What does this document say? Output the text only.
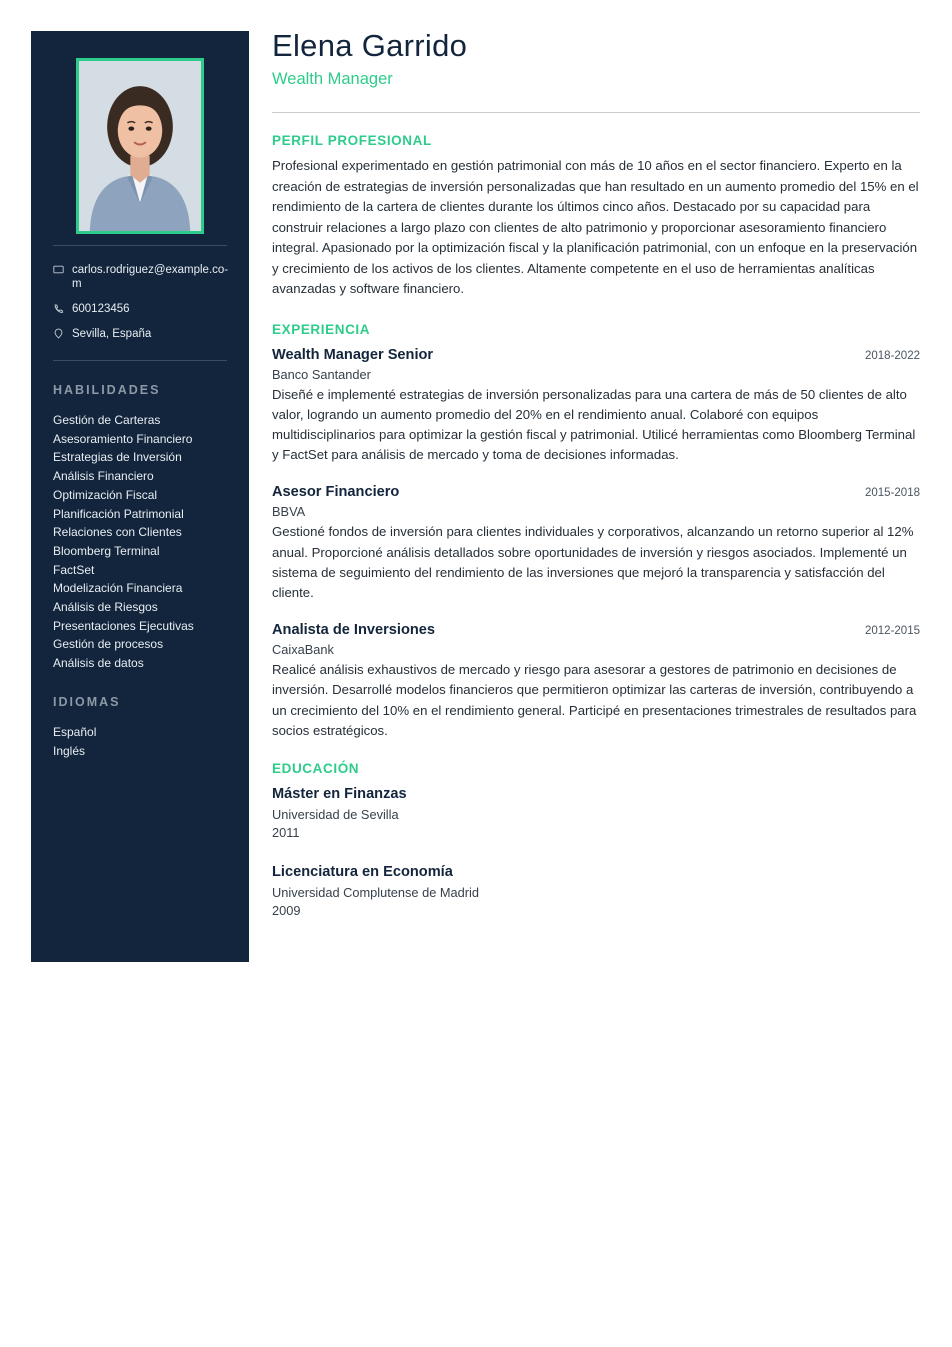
carlos.rodriguez@example.co-m
600123456
Sevilla, España
HABILIDADES
Gestión de Carteras
Asesoramiento Financiero
Estrategias de Inversión
Análisis Financiero
Optimización Fiscal
Planificación Patrimonial
Relaciones con Clientes
Bloomberg Terminal
FactSet
Modelización Financiera
Análisis de Riesgos
Presentaciones Ejecutivas
Gestión de procesos
Análisis de datos
IDIOMAS
Español
Inglés
Elena Garrido

Wealth Manager

PERFIL PROFESIONAL

Profesional experimentado en gestión patrimonial con más de 10 años en el sector financiero. Experto en la creación de estrategias de inversión personalizadas que han resultado en un aumento promedio del 15% en el rendimiento de la cartera de clientes durante los últimos cinco años. Destacado por su capacidad para construir relaciones a largo plazo con clientes de alto patrimonio y proporcionar asesoramiento financiero integral. Apasionado por la optimización fiscal y la planificación patrimonial, con un enfoque en la preservación y crecimiento de los activos de los clientes. Altamente competente en el uso de herramientas analíticas avanzadas y software financiero.

EXPERIENCIA
Wealth Manager Senior	2018-2022
Banco Santander

Diseñé e implementé estrategias de inversión personalizadas para una cartera de más de 50 clientes de alto valor, logrando un aumento promedio del 20% en el rendimiento anual. Colaboré con equipos multidisciplinarios para optimizar la gestión fiscal y patrimonial. Utilicé herramientas como Bloomberg Terminal y FactSet para análisis de mercado y toma de decisiones informadas.

Asesor Financiero	2015-2018
BBVA

Gestioné fondos de inversión para clientes individuales y corporativos, alcanzando un retorno superior al 12% anual. Proporcioné análisis detallados sobre oportunidades de inversión y riesgos asociados. Implementé un sistema de seguimiento del rendimiento de las inversiones que mejoró la transparencia y satisfacción del cliente.

Analista de Inversiones	2012-2015
CaixaBank

Realicé análisis exhaustivos de mercado y riesgo para asesorar a gestores de patrimonio en decisiones de inversión. Desarrollé modelos financieros que permitieron optimizar las carteras de inversión, contribuyendo a un crecimiento del 10% en el rendimiento general. Participé en presentaciones trimestrales de resultados para socios estratégicos.

EDUCACIÓN
Máster en Finanzas
Universidad de Sevilla
2011
Licenciatura en Economía
Universidad Complutense de Madrid
2009
